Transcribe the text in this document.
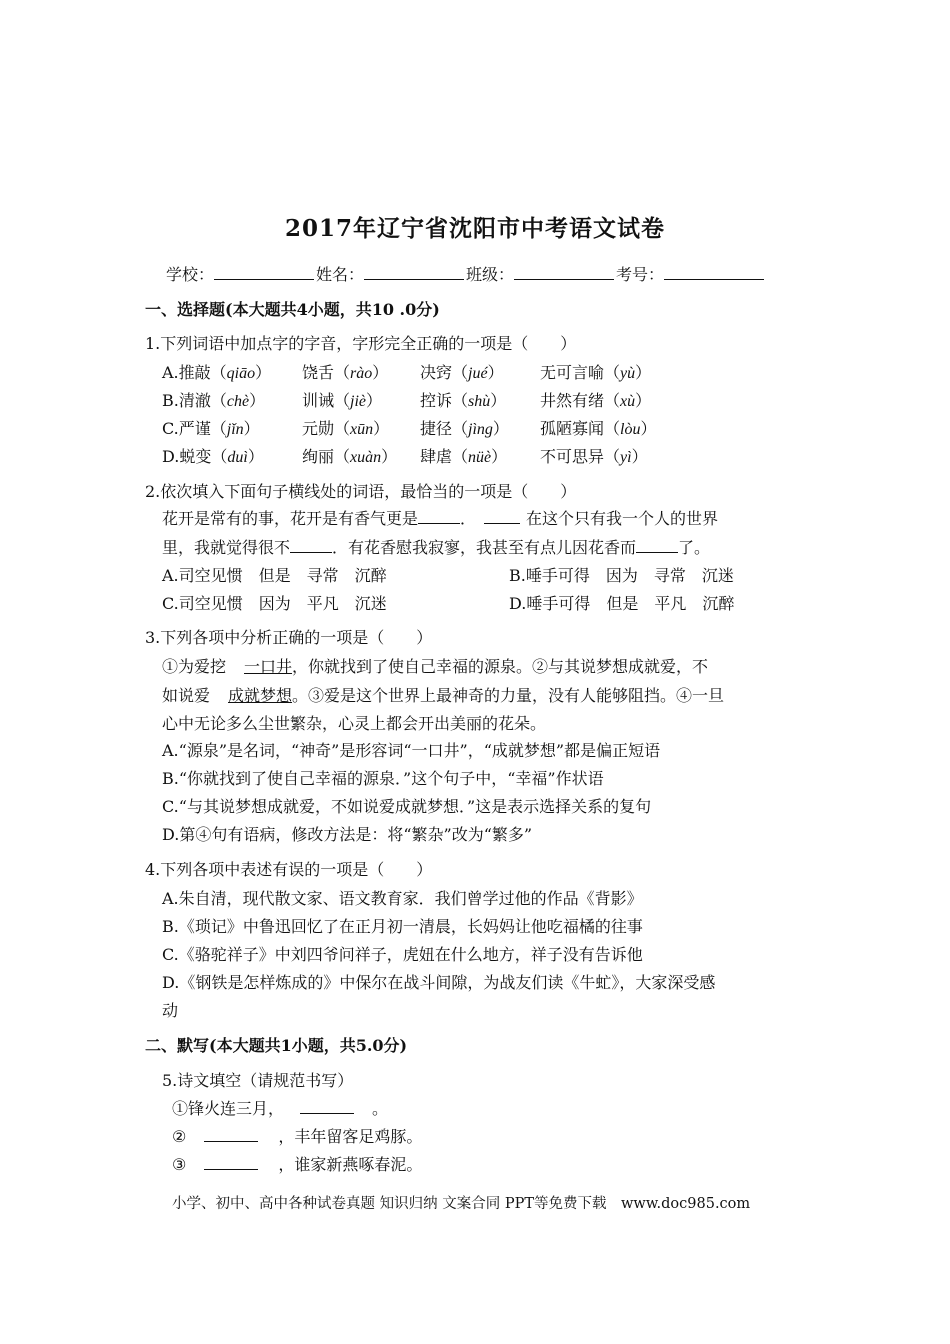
2017年辽宁省沈阳市中考语文试卷
学校：	姓名：	班级：	考号：
一、选择题(本大题共4小题，共10 .0分)
1.下列词语中加点字的字音，字形完全正确的一项是（　　）
A.推敲（qiāo） 饶舌（rào） 决窍（jué） 无可言喻（yù）
B.清澈（chè） 训诫（jiè） 控诉（shù） 井然有绪（xù）
C.严谨（jǐn）	元勋（xūn） 捷径（jìng） 孤陋寡闻（lòu）
D.蜕变（duì） 绚丽（xuàn） 肆虐（nüè） 不可思异（yì）
2.依次填入下面句子横线处的词语，最恰当的一项是（　　）
花开是常有的事，花开是有香气更是	．	在这个只有我一个人的世界
里，我就觉得很不	．有花香慰我寂寥，我甚至有点儿因花香而	了。
A.司空见惯　但是　寻常　沉醉	B.唾手可得　因为　寻常　沉迷
C.司空见惯　因为　平凡　沉迷	D.唾手可得　但是　平凡　沉醉
3.下列各项中分析正确的一项是（　　）
①为爱挖 一口井，你就找到了使自己幸福的源泉。②与其说梦想成就爱，不
如说爱 成就梦想。③爱是这个世界上最神奇的力量，没有人能够阻挡。④一旦
心中无论多么尘世繁杂，心灵上都会开出美丽的花朵。
A.“源泉”是名词，“神奇”是形容词“一口井”，“成就梦想”都是偏正短语
B.“你就找到了使自己幸福的源泉．”这个句子中，“幸福”作状语
C.“与其说梦想成就爱，不如说爱成就梦想．”这是表示选择关系的复句
D.第④句有语病，修改方法是：将“繁杂”改为“繁多”
4.下列各项中表述有误的一项是（　　）
A.朱自清，现代散文家、语文教育家．我们曾学过他的作品《背影》
B.《琐记》中鲁迅回忆了在正月初一清晨，长妈妈让他吃福橘的往事
C.《骆驼祥子》中刘四爷问祥子，虎妞在什么地方，祥子没有告诉他
D.《钢铁是怎样炼成的》中保尔在战斗间隙，为战友们读《牛虻》，大家深受感
动
二、默写(本大题共1小题，共5.0分)
5.诗文填空（请规范书写）
①锋火连三月，	。
②	，丰年留客足鸡豚。
③	，谁家新燕啄春泥。
小学、初中、高中各种试卷真题 知识归纳 文案合同 PPT等免费下载　www.doc985.com
